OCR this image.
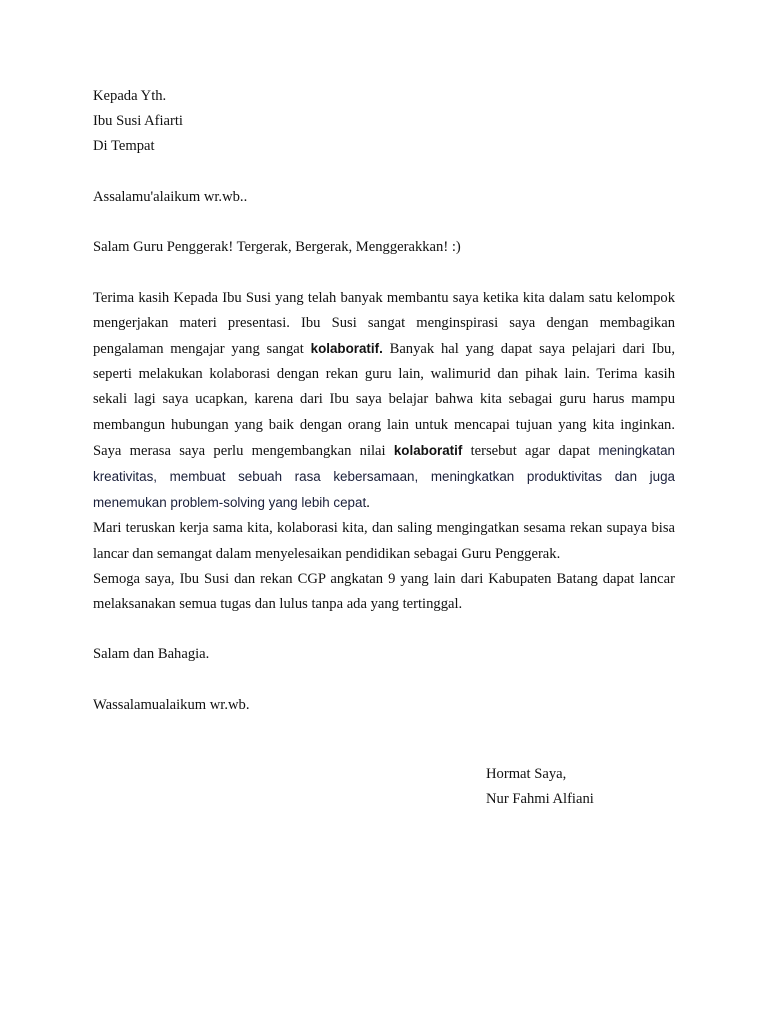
Kepada Yth.
Ibu Susi Afiarti
Di Tempat
Assalamu'alaikum wr.wb..
Salam Guru Penggerak! Tergerak, Bergerak, Menggerakkan! :)

Terima kasih Kepada Ibu Susi yang telah banyak membantu saya ketika kita dalam satu kelompok mengerjakan materi presentasi. Ibu Susi sangat menginspirasi saya dengan membagikan pengalaman mengajar yang sangat kolaboratif. Banyak hal yang dapat saya pelajari dari Ibu, seperti melakukan kolaborasi dengan rekan guru lain, walimurid dan pihak lain. Terima kasih sekali lagi saya ucapkan, karena dari Ibu saya belajar bahwa kita sebagai guru harus mampu membangun hubungan yang baik dengan orang lain untuk mencapai tujuan yang kita inginkan. Saya merasa saya perlu mengembangkan nilai kolaboratif tersebut agar dapat meningkatan kreativitas, membuat sebuah rasa kebersamaan, meningkatkan produktivitas dan juga menemukan problem-solving yang lebih cepat.

Mari teruskan kerja sama kita, kolaborasi kita, dan saling mengingatkan sesama rekan supaya bisa lancar dan semangat dalam menyelesaikan pendidikan sebagai Guru Penggerak.

Semoga saya, Ibu Susi dan rekan CGP angkatan 9 yang lain dari Kabupaten Batang dapat lancar melaksanakan semua tugas dan lulus tanpa ada yang tertinggal.

Salam dan Bahagia.
Wassalamualaikum wr.wb.
Hormat Saya,
Nur Fahmi Alfiani
